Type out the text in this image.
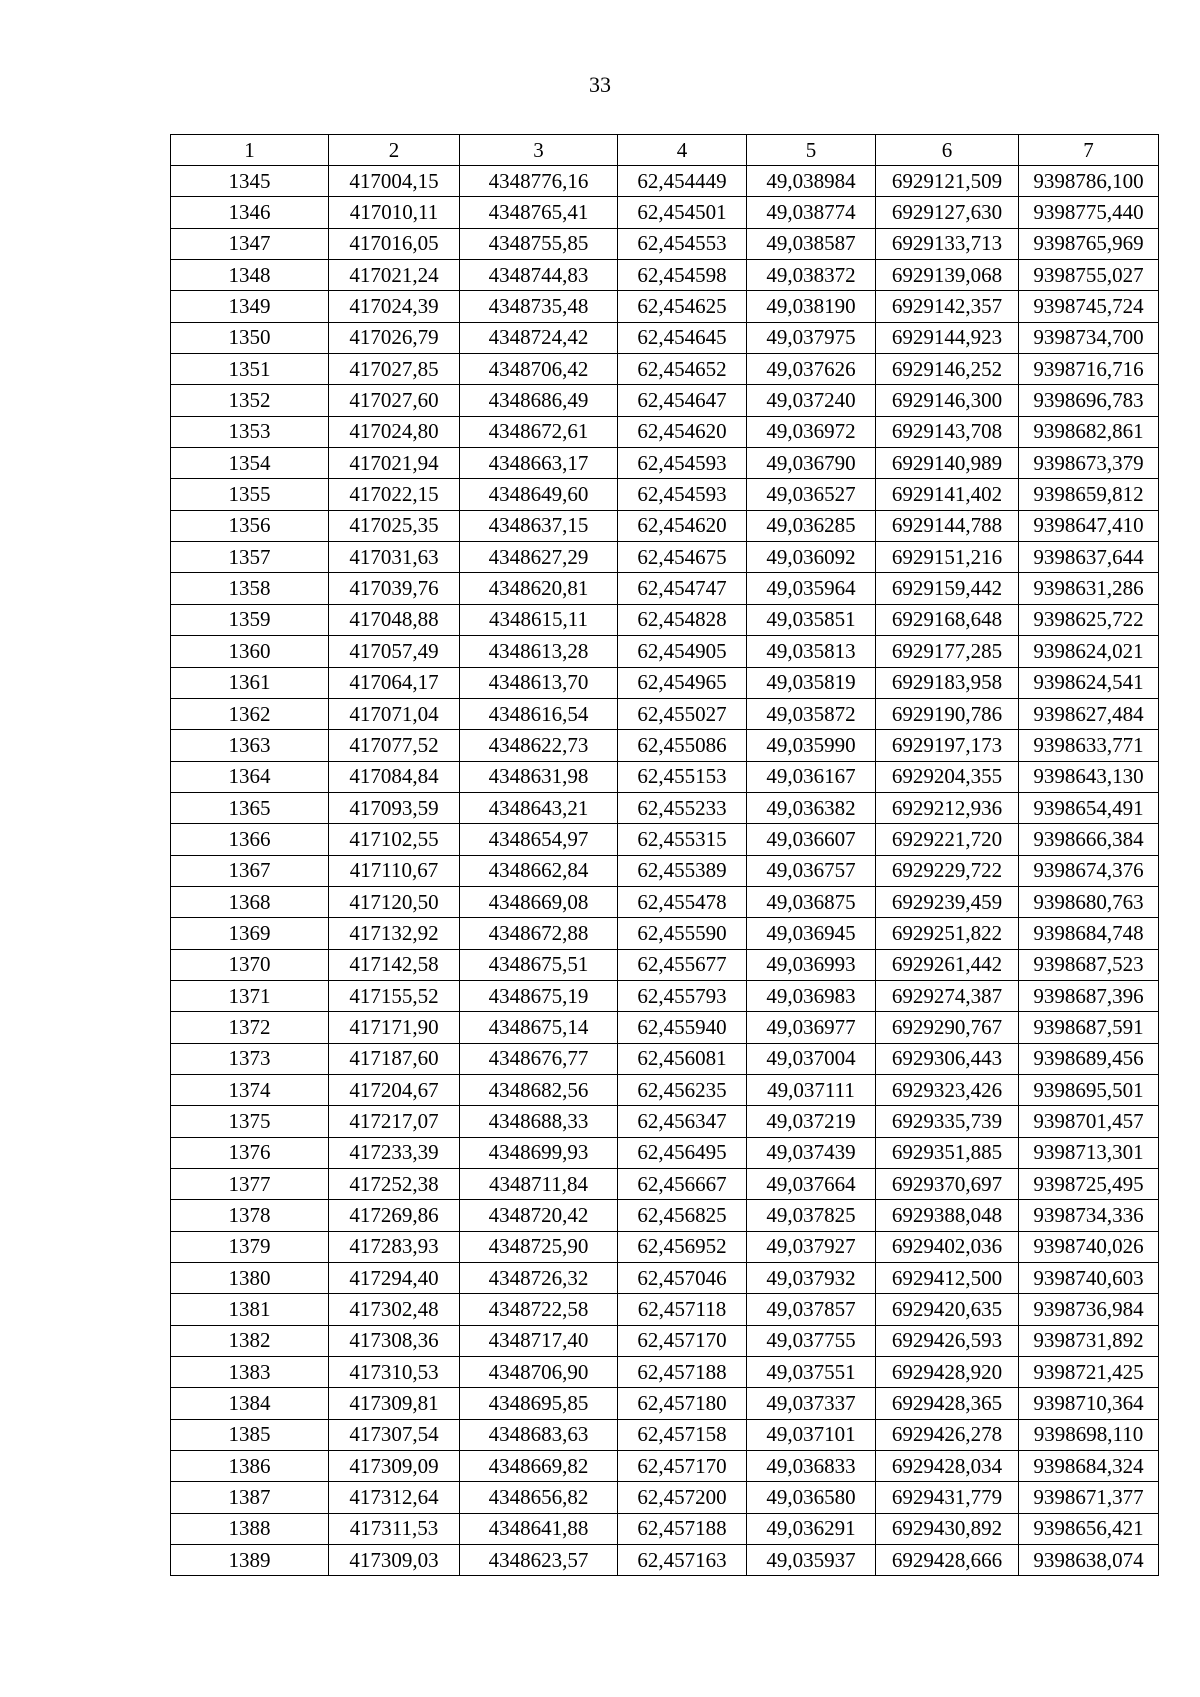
33
1	2	3	4	5	6	7
1345	417004,15	4348776,16	62,454449	49,038984	6929121,509	9398786,100
1346	417010,11	4348765,41	62,454501	49,038774	6929127,630	9398775,440
1347	417016,05	4348755,85	62,454553	49,038587	6929133,713	9398765,969
1348	417021,24	4348744,83	62,454598	49,038372	6929139,068	9398755,027
1349	417024,39	4348735,48	62,454625	49,038190	6929142,357	9398745,724
1350	417026,79	4348724,42	62,454645	49,037975	6929144,923	9398734,700
1351	417027,85	4348706,42	62,454652	49,037626	6929146,252	9398716,716
1352	417027,60	4348686,49	62,454647	49,037240	6929146,300	9398696,783
1353	417024,80	4348672,61	62,454620	49,036972	6929143,708	9398682,861
1354	417021,94	4348663,17	62,454593	49,036790	6929140,989	9398673,379
1355	417022,15	4348649,60	62,454593	49,036527	6929141,402	9398659,812
1356	417025,35	4348637,15	62,454620	49,036285	6929144,788	9398647,410
1357	417031,63	4348627,29	62,454675	49,036092	6929151,216	9398637,644
1358	417039,76	4348620,81	62,454747	49,035964	6929159,442	9398631,286
1359	417048,88	4348615,11	62,454828	49,035851	6929168,648	9398625,722
1360	417057,49	4348613,28	62,454905	49,035813	6929177,285	9398624,021
1361	417064,17	4348613,70	62,454965	49,035819	6929183,958	9398624,541
1362	417071,04	4348616,54	62,455027	49,035872	6929190,786	9398627,484
1363	417077,52	4348622,73	62,455086	49,035990	6929197,173	9398633,771
1364	417084,84	4348631,98	62,455153	49,036167	6929204,355	9398643,130
1365	417093,59	4348643,21	62,455233	49,036382	6929212,936	9398654,491
1366	417102,55	4348654,97	62,455315	49,036607	6929221,720	9398666,384
1367	417110,67	4348662,84	62,455389	49,036757	6929229,722	9398674,376
1368	417120,50	4348669,08	62,455478	49,036875	6929239,459	9398680,763
1369	417132,92	4348672,88	62,455590	49,036945	6929251,822	9398684,748
1370	417142,58	4348675,51	62,455677	49,036993	6929261,442	9398687,523
1371	417155,52	4348675,19	62,455793	49,036983	6929274,387	9398687,396
1372	417171,90	4348675,14	62,455940	49,036977	6929290,767	9398687,591
1373	417187,60	4348676,77	62,456081	49,037004	6929306,443	9398689,456
1374	417204,67	4348682,56	62,456235	49,037111	6929323,426	9398695,501
1375	417217,07	4348688,33	62,456347	49,037219	6929335,739	9398701,457
1376	417233,39	4348699,93	62,456495	49,037439	6929351,885	9398713,301
1377	417252,38	4348711,84	62,456667	49,037664	6929370,697	9398725,495
1378	417269,86	4348720,42	62,456825	49,037825	6929388,048	9398734,336
1379	417283,93	4348725,90	62,456952	49,037927	6929402,036	9398740,026
1380	417294,40	4348726,32	62,457046	49,037932	6929412,500	9398740,603
1381	417302,48	4348722,58	62,457118	49,037857	6929420,635	9398736,984
1382	417308,36	4348717,40	62,457170	49,037755	6929426,593	9398731,892
1383	417310,53	4348706,90	62,457188	49,037551	6929428,920	9398721,425
1384	417309,81	4348695,85	62,457180	49,037337	6929428,365	9398710,364
1385	417307,54	4348683,63	62,457158	49,037101	6929426,278	9398698,110
1386	417309,09	4348669,82	62,457170	49,036833	6929428,034	9398684,324
1387	417312,64	4348656,82	62,457200	49,036580	6929431,779	9398671,377
1388	417311,53	4348641,88	62,457188	49,036291	6929430,892	9398656,421
1389	417309,03	4348623,57	62,457163	49,035937	6929428,666	9398638,074
